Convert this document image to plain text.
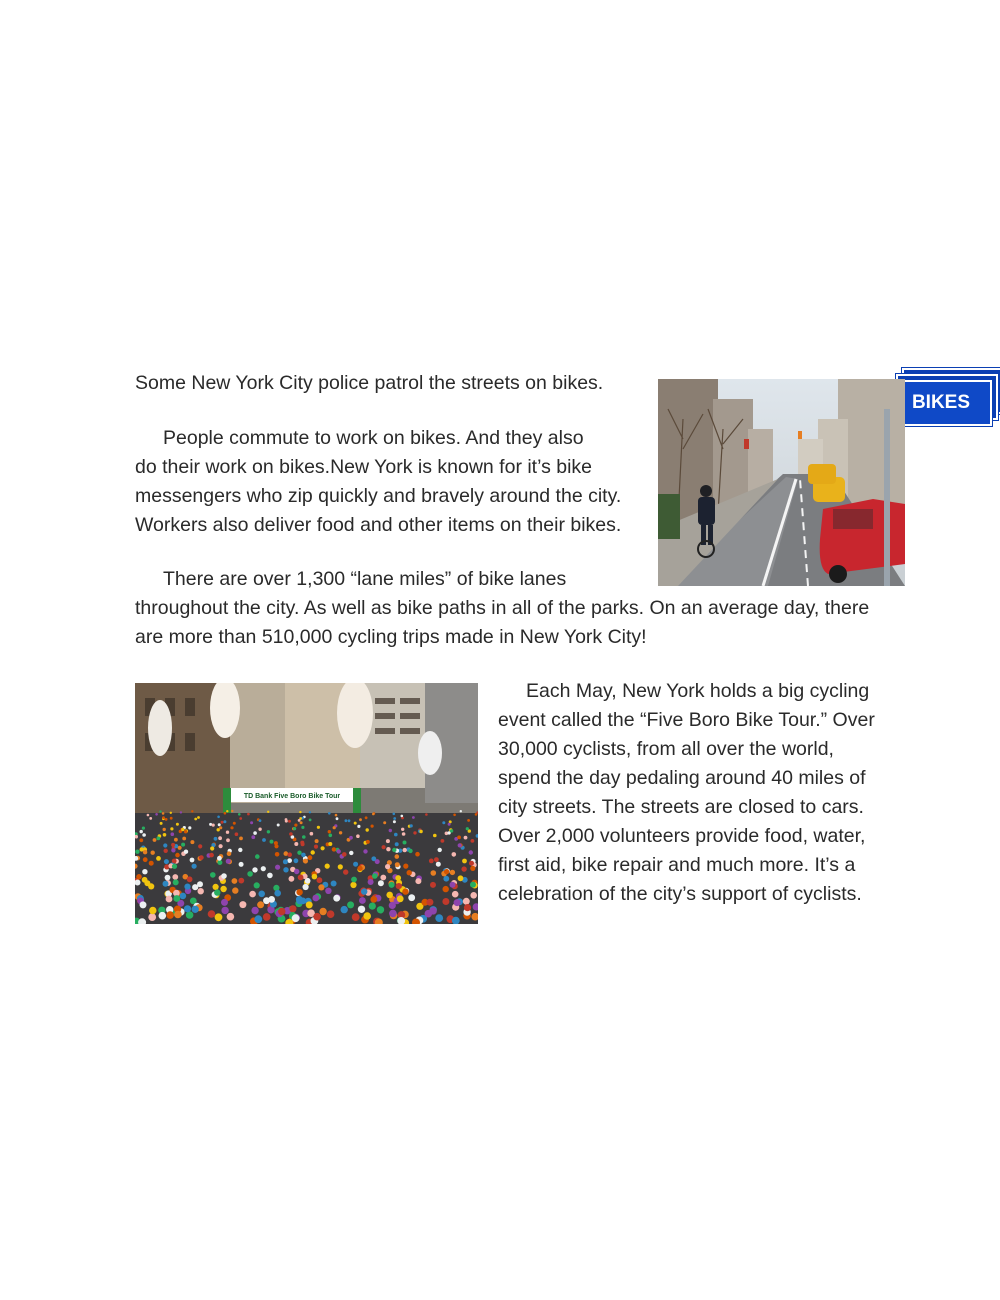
BIKES
Some New York City police patrol the streets on bikes.
People commute to work on bikes. And they also
do their work on bikes.New York is known for it’s bike
messengers who zip quickly and bravely around the city.
Workers also deliver food and other items on their bikes.
There are over 1,300 “lane miles” of bike lanes
throughout the city. As well as bike paths in all of the parks. On an average day, there
are more than 510,000 cycling trips made in New York City!
Each May, New York holds a big cycling
event called the “Five Boro Bike Tour.” Over
30,000 cyclists, from all over the world,
spend the day pedaling around 40 miles of
city streets. The streets are closed to cars.
Over 2,000 volunteers provide food, water,
first aid, bike repair and much more. It’s a
celebration of the city’s support of cyclists.
TD Bank Five Boro Bike Tour
